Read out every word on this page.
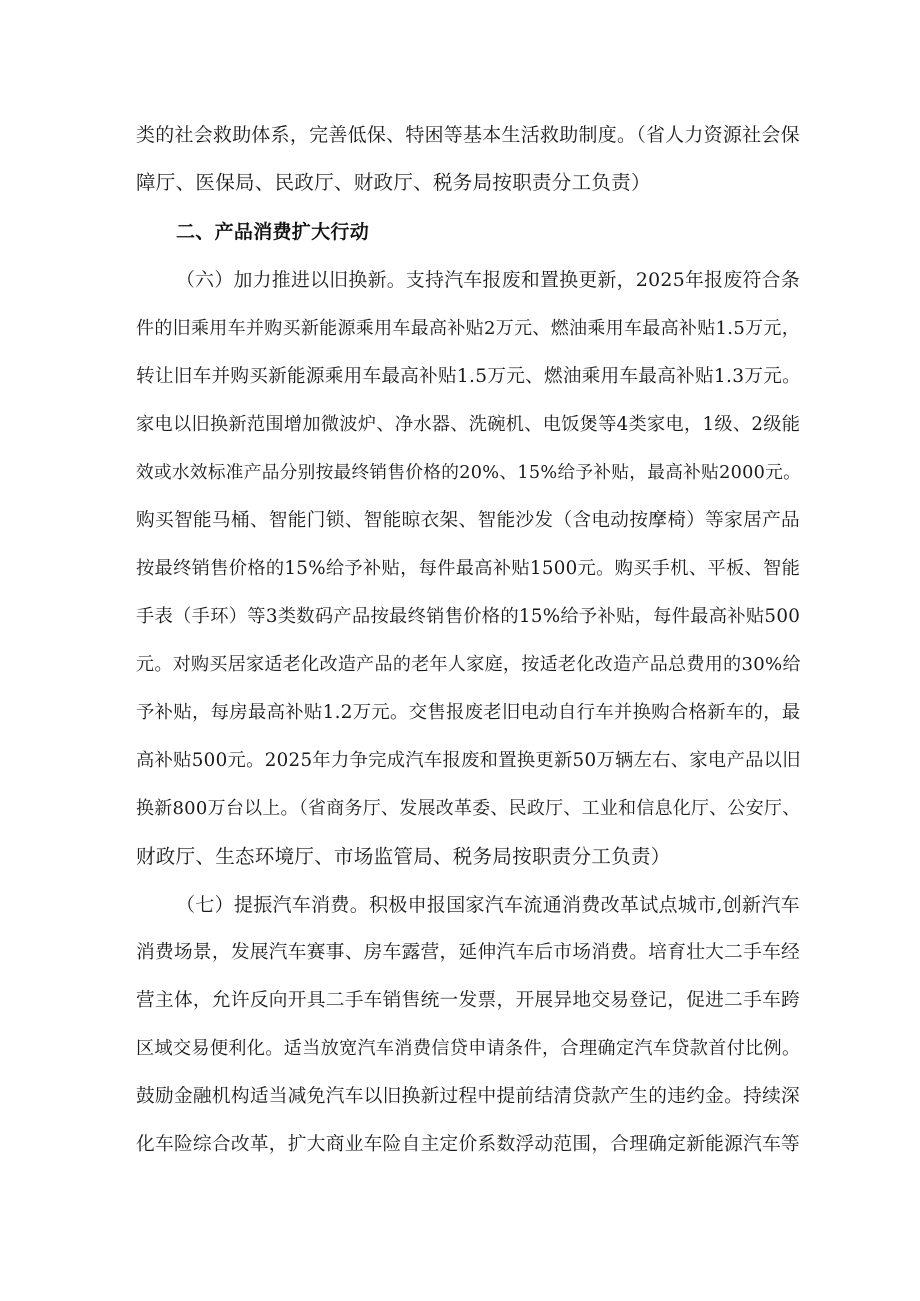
类的社会救助体系，完善低保、特困等基本生活救助制度。（省人力资源社会保
障厅、医保局、民政厅、财政厅、税务局按职责分工负责）
二、产品消费扩大行动
（六）加力推进以旧换新。支持汽车报废和置换更新，2025年报废符合条
件的旧乘用车并购买新能源乘用车最高补贴2万元、燃油乘用车最高补贴1.5万元，
转让旧车并购买新能源乘用车最高补贴1.5万元、燃油乘用车最高补贴1.3万元。
家电以旧换新范围增加微波炉、净水器、洗碗机、电饭煲等4类家电，1级、2级能
效或水效标准产品分别按最终销售价格的20%、15%给予补贴，最高补贴2000元。
购买智能马桶、智能门锁、智能晾衣架、智能沙发（含电动按摩椅）等家居产品
按最终销售价格的15%给予补贴，每件最高补贴1500元。购买手机、平板、智能
手表（手环）等3类数码产品按最终销售价格的15%给予补贴，每件最高补贴500
元。对购买居家适老化改造产品的老年人家庭，按适老化改造产品总费用的30%给
予补贴，每房最高补贴1.2万元。交售报废老旧电动自行车并换购合格新车的，最
高补贴500元。2025年力争完成汽车报废和置换更新50万辆左右、家电产品以旧
换新800万台以上。（省商务厅、发展改革委、民政厅、工业和信息化厅、公安厅、
财政厅、生态环境厅、市场监管局、税务局按职责分工负责）
（七）提振汽车消费。积极申报国家汽车流通消费改革试点城市,创新汽车
消费场景，发展汽车赛事、房车露营，延伸汽车后市场消费。培育壮大二手车经
营主体，允许反向开具二手车销售统一发票，开展异地交易登记，促进二手车跨
区域交易便利化。适当放宽汽车消费信贷申请条件，合理确定汽车贷款首付比例。
鼓励金融机构适当减免汽车以旧换新过程中提前结清贷款产生的违约金。持续深
化车险综合改革，扩大商业车险自主定价系数浮动范围，合理确定新能源汽车等
